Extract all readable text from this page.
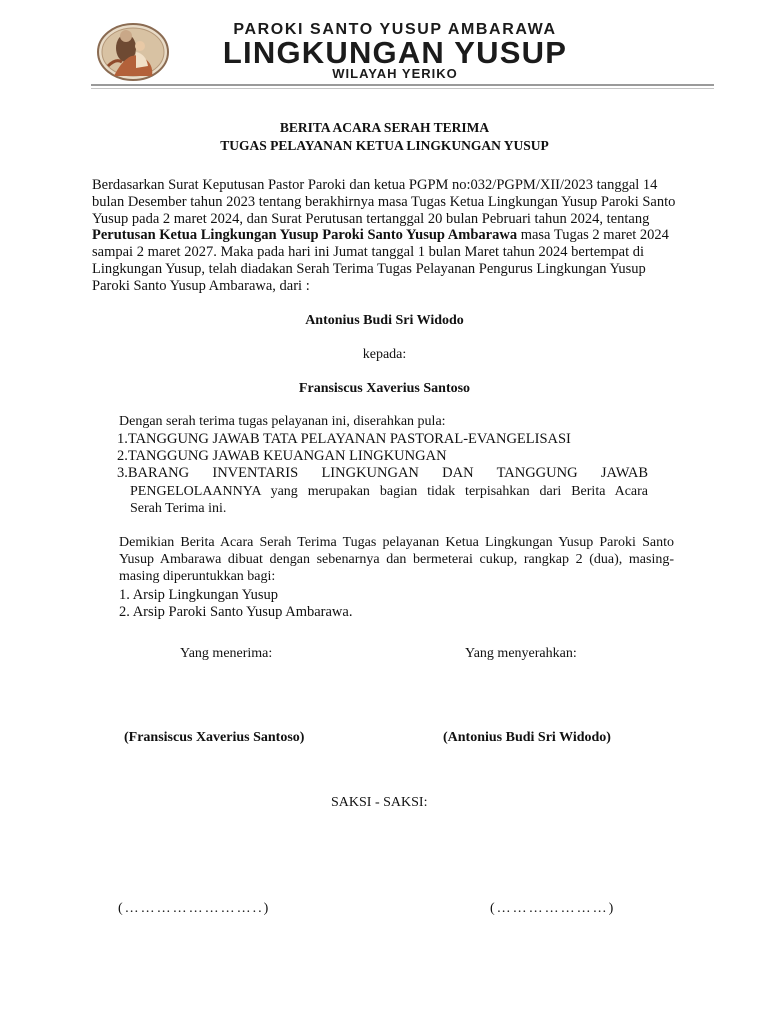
PAROKI SANTO YUSUP AMBARAWA
LINGKUNGAN YUSUP
WILAYAH YERIKO
BERITA ACARA SERAH TERIMA
TUGAS PELAYANAN KETUA LINGKUNGAN YUSUP
Berdasarkan Surat Keputusan Pastor Paroki dan ketua PGPM no:032/PGPM/XII/2023 tanggal 14 bulan Desember tahun 2023 tentang berakhirnya masa Tugas Ketua Lingkungan Yusup Paroki Santo Yusup pada 2 maret 2024, dan Surat Perutusan tertanggal 20 bulan Pebruari tahun 2024, tentang Perutusan Ketua Lingkungan Yusup Paroki Santo Yusup Ambarawa masa Tugas 2 maret 2024 sampai 2 maret 2027. Maka pada hari ini Jumat tanggal 1 bulan Maret tahun 2024 bertempat di Lingkungan Yusup, telah diadakan Serah Terima Tugas Pelayanan Pengurus Lingkungan Yusup Paroki Santo Yusup Ambarawa, dari :
Antonius Budi Sri Widodo
kepada:
Fransiscus Xaverius Santoso
Dengan serah terima tugas pelayanan ini, diserahkan pula:
1.TANGGUNG JAWAB TATA PELAYANAN PASTORAL-EVANGELISASI
2.TANGGUNG JAWAB KEUANGAN LINGKUNGAN
3.BARANG INVENTARIS LINGKUNGAN DAN TANGGUNG JAWAB
PENGELOLAANNYA yang merupakan bagian tidak terpisahkan dari Berita Acara
Serah Terima ini.
Demikian Berita Acara Serah Terima Tugas pelayanan Ketua Lingkungan Yusup Paroki Santo Yusup Ambarawa dibuat dengan sebenarnya dan bermeterai cukup, rangkap 2 (dua), masing-masing diperuntukkan bagi:
1. Arsip Lingkungan Yusup
2. Arsip Paroki Santo Yusup Ambarawa.
Yang menerima:	Yang menyerahkan:
(Fransiscus Xaverius Santoso)	(Antonius Budi Sri Widodo)
SAKSI - SAKSI:
(……………………..)	(…………………)
